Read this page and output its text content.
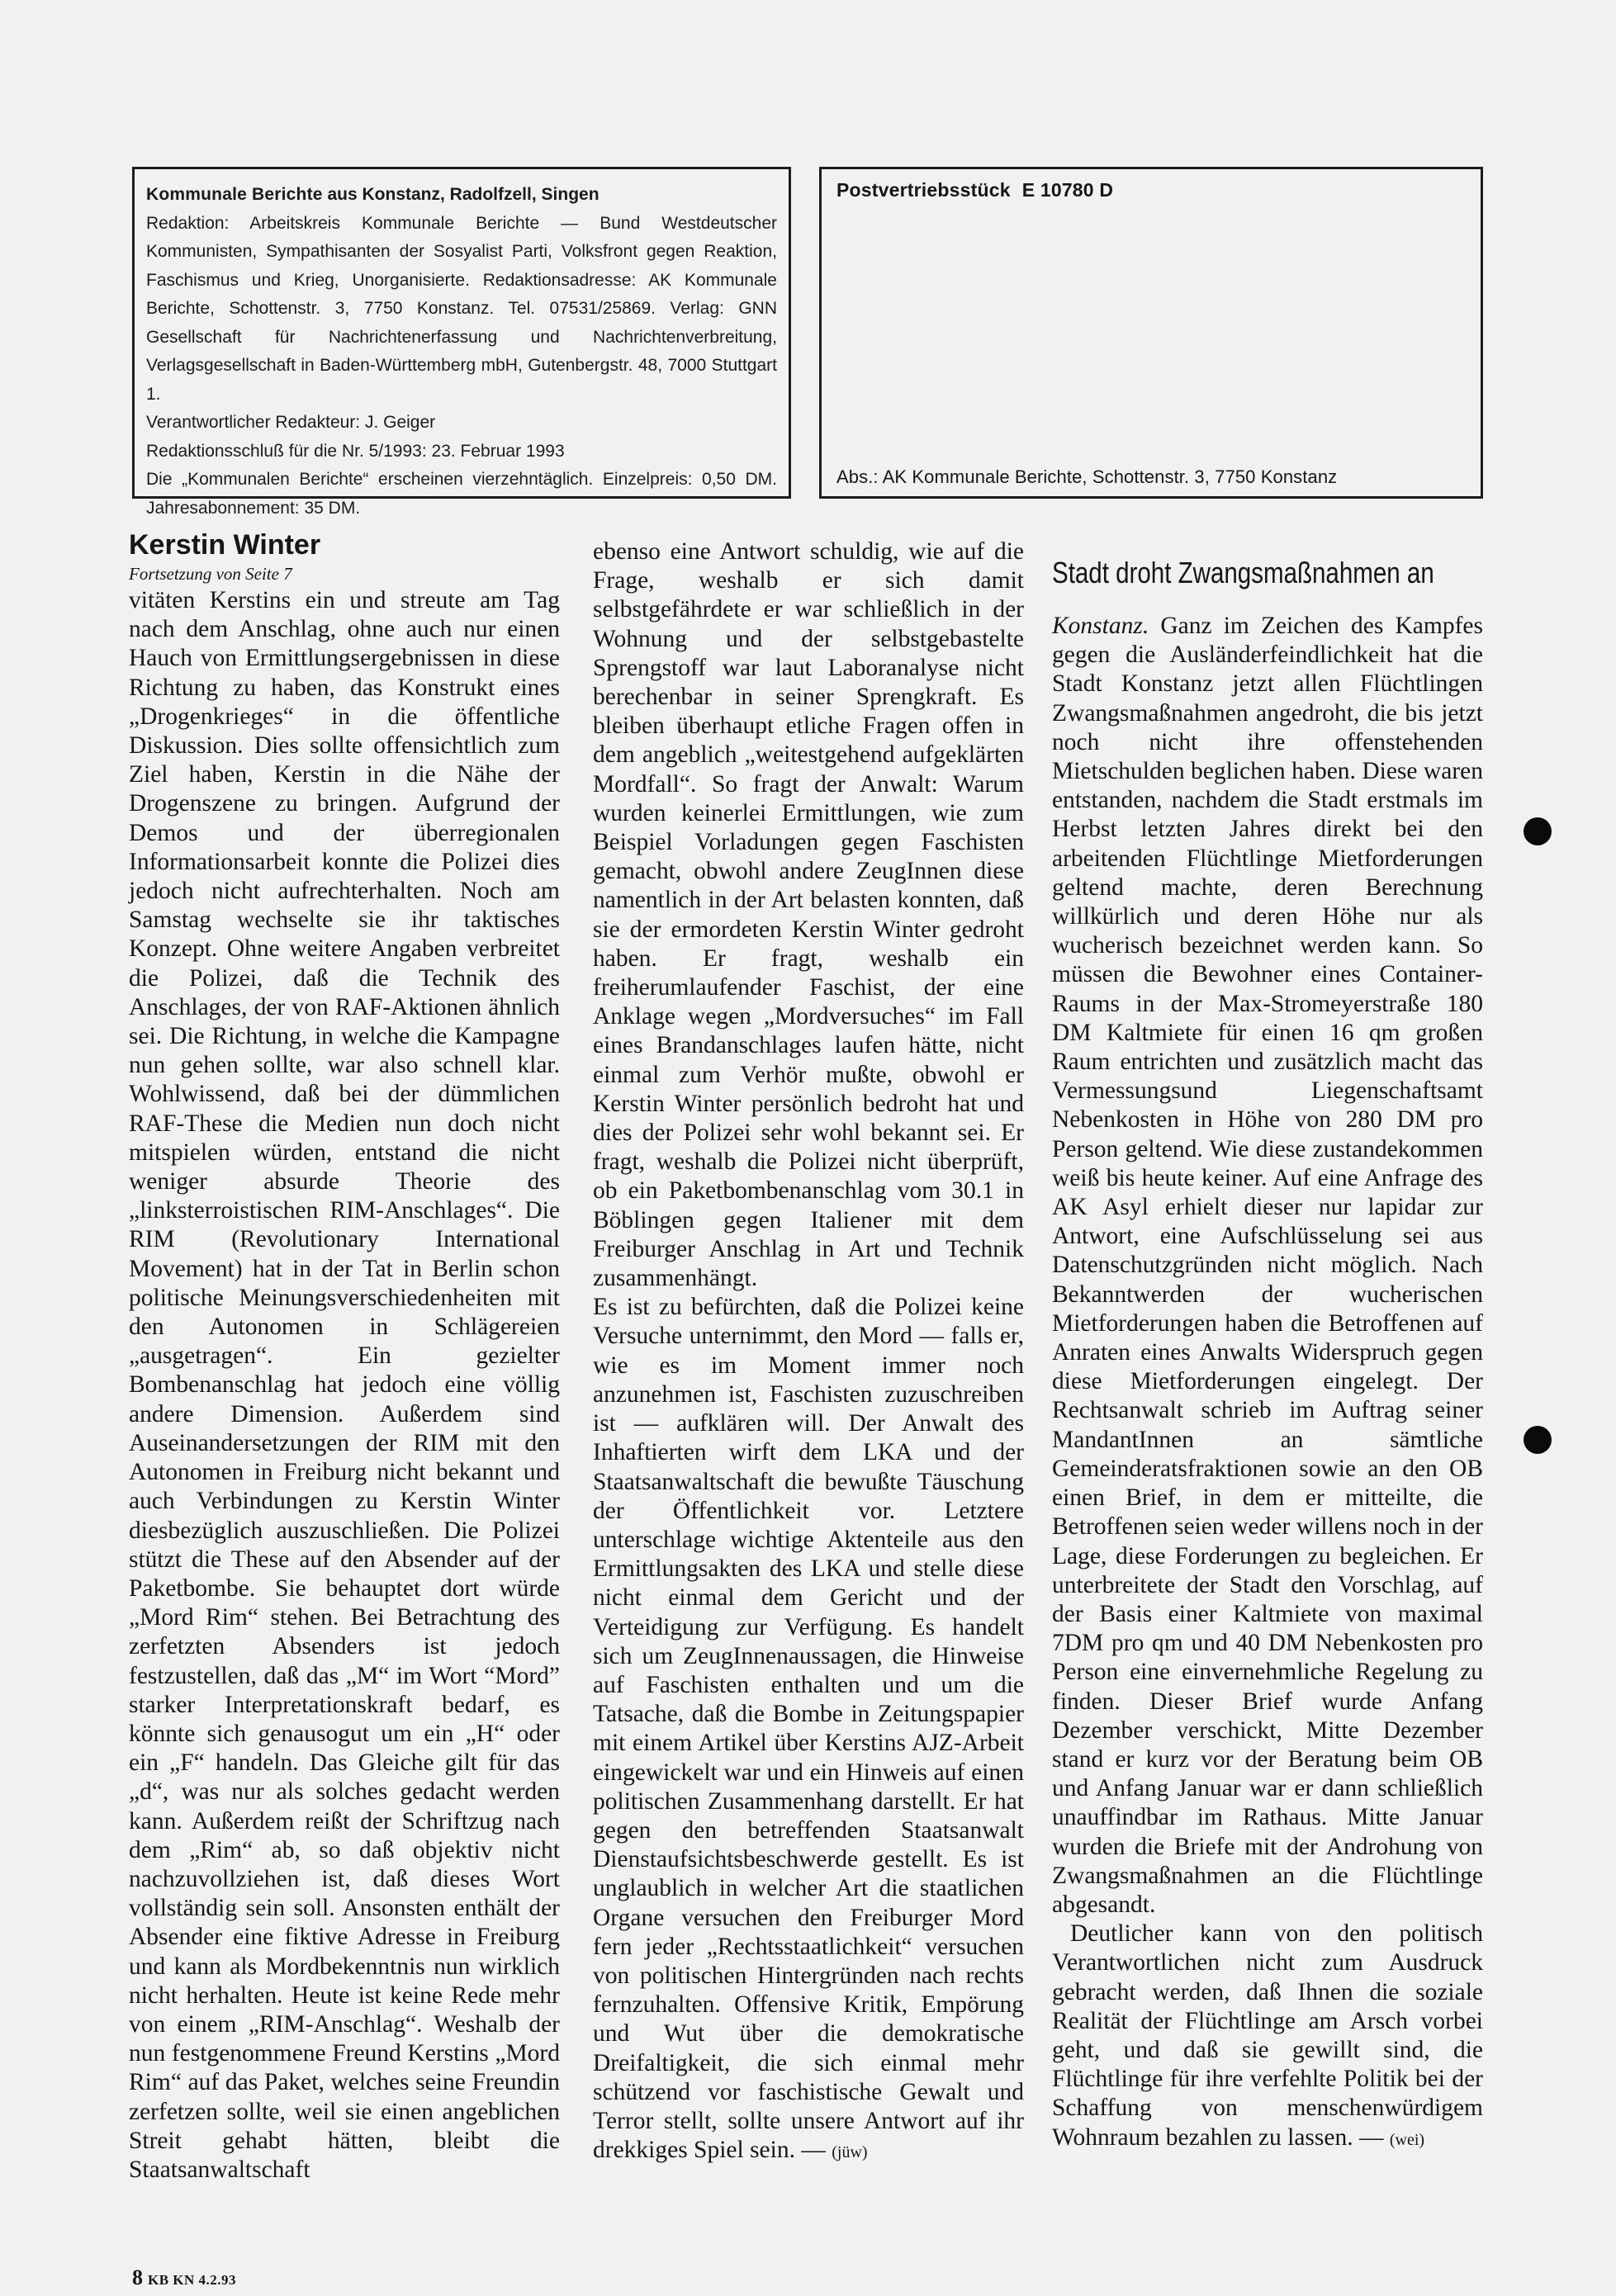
Kommunale Berichte aus Konstanz, Radolfzell, Singen
Redaktion: Arbeitskreis Kommunale Berichte — Bund Westdeutscher Kommunisten, Sympathisanten der Sosyalist Parti, Volksfront gegen Reaktion, Faschismus und Krieg, Unorganisierte. Redaktionsadresse: AK Kommunale Berichte, Schottenstr. 3, 7750 Konstanz. Tel. 07531/25869. Verlag: GNN Gesellschaft für Nachrichtenerfassung und Nachrichtenverbreitung, Verlagsgesellschaft in Baden-Württemberg mbH, Gutenbergstr. 48, 7000 Stuttgart 1.
Verantwortlicher Redakteur: J. Geiger
Redaktionsschluß für die Nr. 5/1993: 23. Februar 1993
Die „Kommunalen Berichte“ erscheinen vierzehntäglich. Einzelpreis: 0,50 DM. Jahresabonnement: 35 DM.
Postvertriebsstück E 10780 D
Abs.: AK Kommunale Berichte, Schottenstr. 3, 7750 Konstanz
Kerstin Winter
Fortsetzung von Seite 7

vitäten Kerstins ein und streute am Tag nach dem Anschlag, ohne auch nur einen Hauch von Ermittlungsergebnissen in diese Richtung zu haben, das Konstrukt eines „Drogenkrieges“ in die öffentliche Diskussion. Dies sollte offensichtlich zum Ziel haben, Kerstin in die Nähe der Drogenszene zu bringen. Aufgrund der Demos und der überregionalen Informationsarbeit konnte die Polizei dies jedoch nicht aufrechterhalten. Noch am Samstag wechselte sie ihr taktisches Konzept. Ohne weitere Angaben verbreitet die Polizei, daß die Technik des Anschlages, der von RAF-Aktionen ähnlich sei. Die Richtung, in welche die Kampagne nun gehen sollte, war also schnell klar. Wohlwissend, daß bei der dümmlichen RAF-These die Medien nun doch nicht mitspielen würden, entstand die nicht weniger absurde Theorie des „linksterroistischen RIM-Anschlages“. Die RIM (Revolutionary International Movement) hat in der Tat in Berlin schon politische Meinungsverschiedenheiten mit den Autonomen in Schlägereien „ausgetragen“. Ein gezielter Bombenanschlag hat jedoch eine völlig andere Dimension. Außerdem sind Auseinandersetzungen der RIM mit den Autonomen in Freiburg nicht bekannt und auch Verbindungen zu Kerstin Winter diesbezüglich auszuschließen. Die Polizei stützt die These auf den Absender auf der Paketbombe. Sie behauptet dort würde „Mord Rim“ stehen. Bei Betrachtung des zerfetzten Absenders ist jedoch festzustellen, daß das „M“ im Wort “Mord” starker Interpretationskraft bedarf, es könnte sich genausogut um ein „H“ oder ein „F“ handeln. Das Gleiche gilt für das „d“, was nur als solches gedacht werden kann. Außerdem reißt der Schriftzug nach dem „Rim“ ab, so daß objektiv nicht nachzuvollziehen ist, daß dieses Wort vollständig sein soll. Ansonsten enthält der Absender eine fiktive Adresse in Freiburg und kann als Mordbekenntnis nun wirklich nicht herhalten. Heute ist keine Rede mehr von einem „RIM-Anschlag“. Weshalb der nun festgenommene Freund Kerstins „Mord Rim“ auf das Paket, welches seine Freundin zerfetzen sollte, weil sie einen angeblichen Streit gehabt hätten, bleibt die Staatsanwaltschaft

ebenso eine Antwort schuldig, wie auf die Frage, weshalb er sich damit selbstgefährdete er war schließlich in der Wohnung und der selbstgebastelte Sprengstoff war laut Laboranalyse nicht berechenbar in seiner Sprengkraft. Es bleiben überhaupt etliche Fragen offen in dem angeblich „weitestgehend aufgeklärten Mordfall“. So fragt der Anwalt: Warum wurden keinerlei Ermittlungen, wie zum Beispiel Vorladungen gegen Faschisten gemacht, obwohl andere ZeugInnen diese namentlich in der Art belasten konnten, daß sie der ermordeten Kerstin Winter gedroht haben. Er fragt, weshalb ein freiherumlaufender Faschist, der eine Anklage wegen „Mordversuches“ im Fall eines Brandanschlages laufen hätte, nicht einmal zum Verhör mußte, obwohl er Kerstin Winter persönlich bedroht hat und dies der Polizei sehr wohl bekannt sei. Er fragt, weshalb die Polizei nicht überprüft, ob ein Paketbombenanschlag vom 30.1 in Böblingen gegen Italiener mit dem Freiburger Anschlag in Art und Technik zusammenhängt.

Es ist zu befürchten, daß die Polizei keine Versuche unternimmt, den Mord — falls er, wie es im Moment immer noch anzunehmen ist, Faschisten zuzuschreiben ist — aufklären will. Der Anwalt des Inhaftierten wirft dem LKA und der Staatsanwaltschaft die bewußte Täuschung der Öffentlichkeit vor. Letztere unterschlage wichtige Aktenteile aus den Ermittlungsakten des LKA und stelle diese nicht einmal dem Gericht und der Verteidigung zur Verfügung. Es handelt sich um ZeugInnenaussagen, die Hinweise auf Faschisten enthalten und um die Tatsache, daß die Bombe in Zeitungspapier mit einem Artikel über Kerstins AJZ-Arbeit eingewickelt war und ein Hinweis auf einen politischen Zusammenhang darstellt. Er hat gegen den betreffenden Staatsanwalt Dienstaufsichtsbeschwerde gestellt. Es ist unglaublich in welcher Art die staatlichen Organe versuchen den Freiburger Mord fern jeder „Rechtsstaatlichkeit“ versuchen von politischen Hintergründen nach rechts fernzuhalten. Offensive Kritik, Empörung und Wut über die demokratische Dreifaltigkeit, die sich einmal mehr schützend vor faschistische Gewalt und Terror stellt, sollte unsere Antwort auf ihr drekkiges Spiel sein. — (jüw)

Stadt droht Zwangsmaßnahmen an

Konstanz. Ganz im Zeichen des Kampfes gegen die Ausländerfeindlichkeit hat die Stadt Konstanz jetzt allen Flüchtlingen Zwangsmaßnahmen angedroht, die bis jetzt noch nicht ihre offenstehenden Mietschulden beglichen haben. Diese waren entstanden, nachdem die Stadt erstmals im Herbst letzten Jahres direkt bei den arbeitenden Flüchtlinge Mietforderungen geltend machte, deren Berechnung willkürlich und deren Höhe nur als wucherisch bezeichnet werden kann. So müssen die Bewohner eines Container-Raums in der Max-Stromeyerstraße 180 DM Kaltmiete für einen 16 qm großen Raum entrichten und zusätzlich macht das Vermessungsund Liegenschaftsamt Nebenkosten in Höhe von 280 DM pro Person geltend. Wie diese zustandekommen weiß bis heute keiner. Auf eine Anfrage des AK Asyl erhielt dieser nur lapidar zur Antwort, eine Aufschlüsselung sei aus Datenschutzgründen nicht möglich. Nach Bekanntwerden der wucherischen Mietforderungen haben die Betroffenen auf Anraten eines Anwalts Widerspruch gegen diese Mietforderungen eingelegt. Der Rechtsanwalt schrieb im Auftrag seiner MandantInnen an sämtliche Gemeinderatsfraktionen sowie an den OB einen Brief, in dem er mitteilte, die Betroffenen seien weder willens noch in der Lage, diese Forderungen zu begleichen. Er unterbreitete der Stadt den Vorschlag, auf der Basis einer Kaltmiete von maximal 7DM pro qm und 40 DM Nebenkosten pro Person eine einvernehmliche Regelung zu finden. Dieser Brief wurde Anfang Dezember verschickt, Mitte Dezember stand er kurz vor der Beratung beim OB und Anfang Januar war er dann schließlich unauffindbar im Rathaus. Mitte Januar wurden die Briefe mit der Androhung von Zwangsmaßnahmen an die Flüchtlinge abgesandt.

Deutlicher kann von den politisch Verantwortlichen nicht zum Ausdruck gebracht werden, daß Ihnen die soziale Realität der Flüchtlinge am Arsch vorbei geht, und daß sie gewillt sind, die Flüchtlinge für ihre verfehlte Politik bei der Schaffung von menschenwürdigem Wohnraum bezahlen zu lassen. — (wei)

8 KB KN 4.2.93
